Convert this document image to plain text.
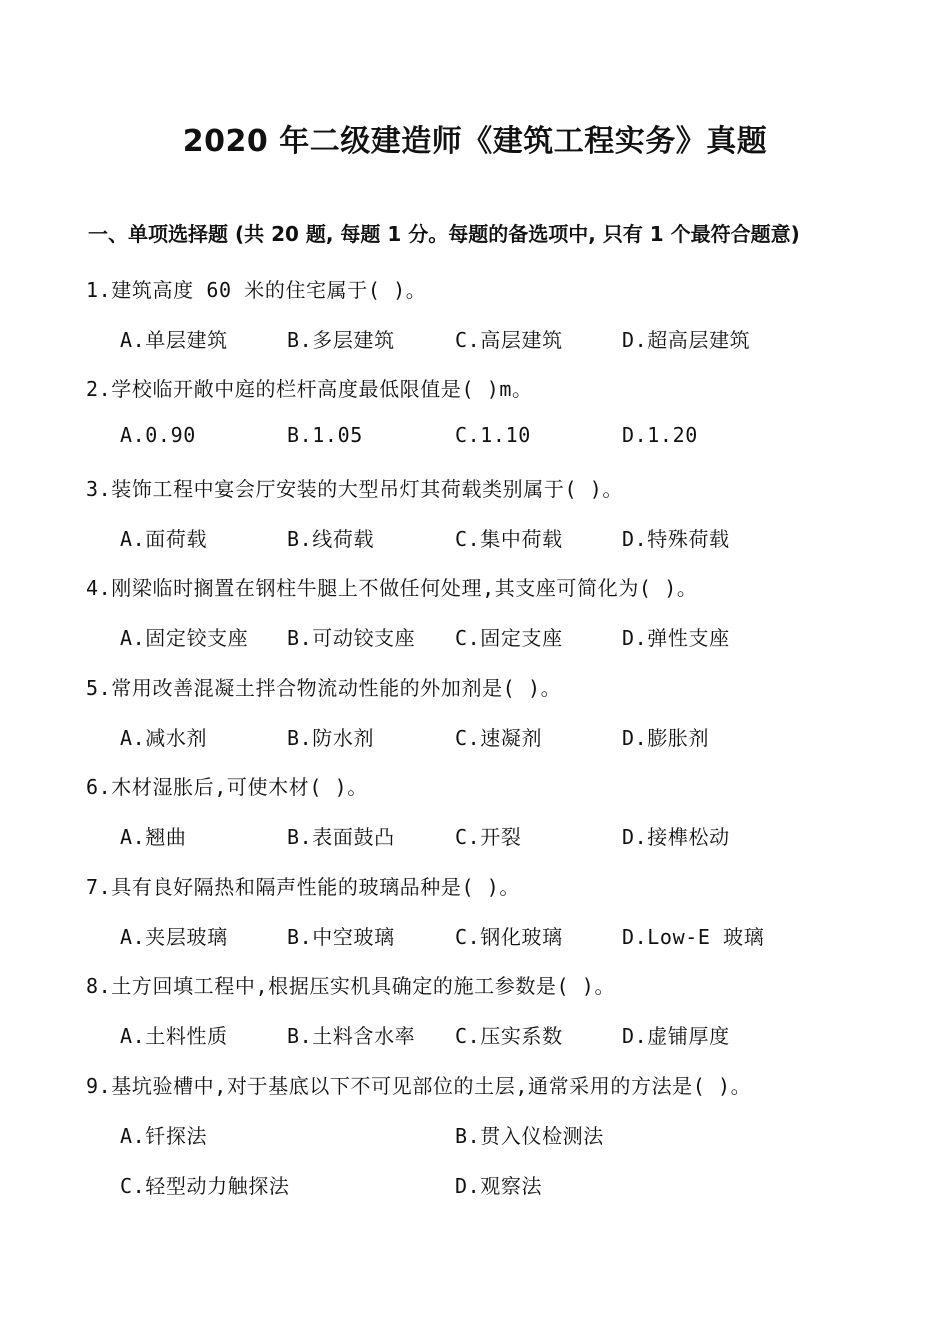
2020 年二级建造师《建筑工程实务》真题
一、单项选择题 (共 20 题, 每题 1 分。每题的备选项中, 只有 1 个最符合题意)
1.建筑高度 60 米的住宅属于( )。
A.单层建筑	B.多层建筑	C.高层建筑	D.超高层建筑
2.学校临开敞中庭的栏杆高度最低限值是( )m。
A.0.90	B.1.05	C.1.10	D.1.20
3.装饰工程中宴会厅安装的大型吊灯其荷载类别属于( )。
A.面荷载	B.线荷载	C.集中荷载	D.特殊荷载
4.刚梁临时搁置在钢柱牛腿上不做任何处理,其支座可简化为( )。
A.固定铰支座 B.可动铰支座 C.固定支座	D.弹性支座
5.常用改善混凝土拌合物流动性能的外加剂是( )。
A.减水剂	B.防水剂	C.速凝剂	D.膨胀剂
6.木材湿胀后,可使木材( )。
A.翘曲	B.表面鼓凸	C.开裂	D.接榫松动
7.具有良好隔热和隔声性能的玻璃品种是( )。
A.夹层玻璃	B.中空玻璃	C.钢化玻璃	D.Low-E 玻璃
8.土方回填工程中,根据压实机具确定的施工参数是( )。
A.土料性质	B.土料含水率 C.压实系数	D.虚铺厚度
9.基坑验槽中,对于基底以下不可见部位的土层,通常采用的方法是( )。
A.钎探法	B.贯入仪检测法
C.轻型动力触探法	D.观察法
